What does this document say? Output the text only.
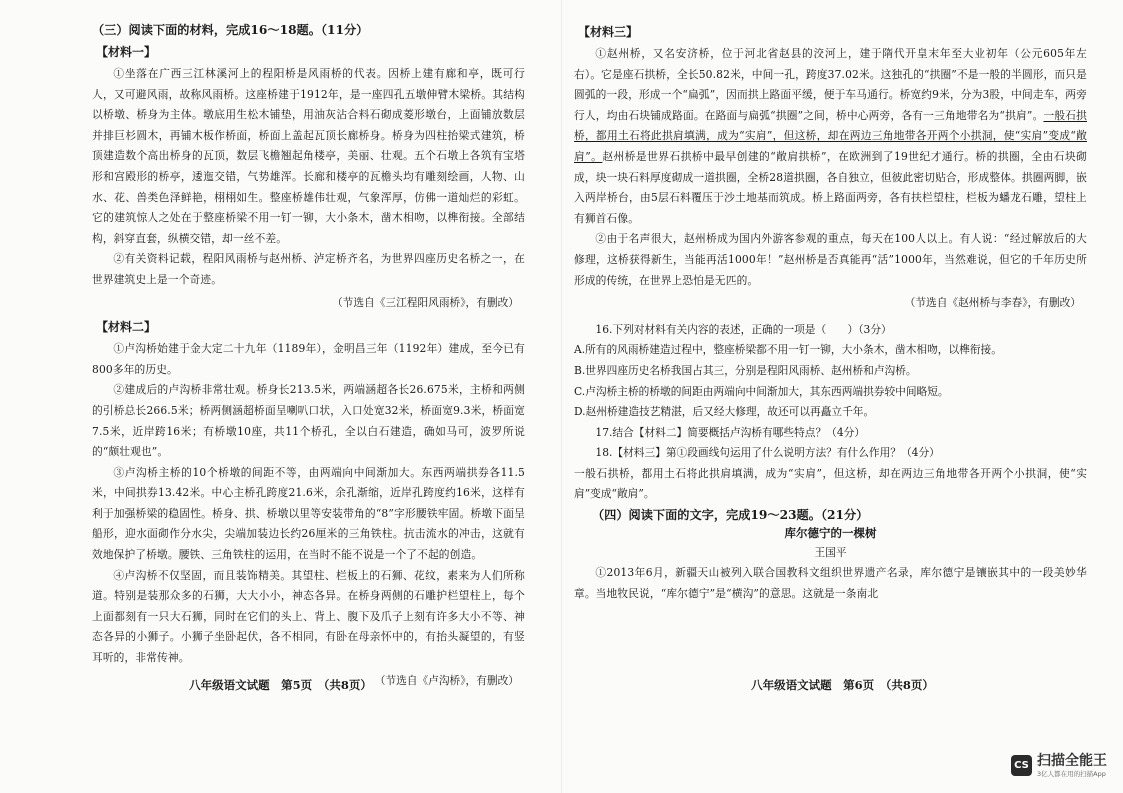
（三）阅读下面的材料，完成16～18题。（11分）

【材料一】

①坐落在广西三江林溪河上的程阳桥是风雨桥的代表。因桥上建有廊和亭，既可行人，又可避风雨，故称风雨桥。这座桥建于1912年，是一座四孔五墩伸臂木梁桥。其结构以桥墩、桥身为主体。墩底用生松木铺垫，用油灰沾合料石砌成菱形墩台，上面铺放数层并排巨杉圆木，再铺木板作桥面，桥面上盖起瓦顶长廊桥身。桥身为四柱抬梁式建筑，桥顶建造数个高出桥身的瓦顶，数层飞檐翘起角楼亭，美丽、壮观。五个石墩上各筑有宝塔形和宫殿形的桥亭，逶迤交错，气势雄浑。长廊和楼亭的瓦檐头均有雕刻绘画，人物、山水、花、兽类色泽鲜艳，栩栩如生。整座桥雄伟壮观，气象浑厚，仿佛一道灿烂的彩虹。它的建筑惊人之处在于整座桥梁不用一钉一铆，大小条木，凿木相吻，以榫衔接。全部结构，斜穿直套，纵横交错，却一丝不差。

②有关资料记载，程阳风雨桥与赵州桥、泸定桥齐名，为世界四座历史名桥之一，在世界建筑史上是一个奇迹。

（节选自《三江程阳风雨桥》，有删改）

【材料二】

①卢沟桥始建于金大定二十九年（1189年），金明昌三年（1192年）建成，至今已有800多年的历史。

②建成后的卢沟桥非常壮观。桥身长213.5米，两端涵超各长26.675米，主桥和两侧的引桥总长266.5米；桥两侧涵超桥面呈喇叭口状，入口处宽32米，桥面宽9.3米，桥面宽7.5米，近岸跨16米；有桥墩10座，共11个桥孔，全以白石建造，确如马可，波罗所说的“颇壮观也”。

③卢沟桥主桥的10个桥墩的间距不等，由两端向中间渐加大。东西两端拱券各11.5米，中间拱券13.42米。中心主桥孔跨度21.6米，余孔渐缩，近岸孔跨度约16米，这样有利于加强桥梁的稳固性。桥身、拱、桥墩以里等安装带角的“8”字形腰铁牢固。桥墩下面呈船形，迎水面砌作分水尖，尖端加装边长约26厘米的三角铁柱。抗击流水的冲击，这就有效地保护了桥墩。腰铁、三角铁柱的运用，在当时不能不说是一个了不起的创造。

④卢沟桥不仅坚固，而且装饰精美。其望柱、栏板上的石狮、花纹，素来为人们所称道。特别是装那众多的石狮，大大小小，神态各异。在桥身两侧的石雕护栏望柱上，每个上面都刻有一只大石狮，同时在它们的头上、背上、腹下及爪子上刻有许多大小不等、神态各异的小狮子。小狮子坐卧起伏，各不相同，有卧在母亲怀中的，有抬头凝望的，有竖耳听的，非常传神。

（节选自《卢沟桥》，有删改）

八年级语文试题　第5页　（共8页）

【材料三】

①赵州桥，又名安济桥，位于河北省赵县的洨河上，建于隋代开皇末年至大业初年（公元605年左右）。它是座石拱桥，全长50.82米，中间一孔，跨度37.02米。这独孔的“拱圈”不是一般的半圆形，而只是圆弧的一段，形成一个“扁弧”，因而拱上路面平缓，便于车马通行。桥宽约9米，分为3股，中间走车，两旁行人，均由石块铺成路面。在路面与扁弧“拱圈”之间，桥中心两旁，各有一三角地带名为“拱肩”。一般石拱桥，都用土石将此拱肩填满，成为“实肩”，但这桥，却在两边三角地带各开两个小拱洞，使“实肩”变成“敞肩”。赵州桥是世界石拱桥中最早创建的“敞肩拱桥”，在欧洲到了19世纪才通行。桥的拱圈，全由石块砌成，块一块石料厚度砌成一道拱圈，全桥28道拱圈，各自独立，但彼此密切贴合，形成整体。拱圈两脚，嵌入两岸桥台，由5层石料覆压于沙土地基而筑成。桥上路面两旁，各有扶栏望柱，栏板为蟠龙石雕，望柱上有狮首石像。

②由于名声很大，赵州桥成为国内外游客参观的重点，每天在100人以上。有人说：“经过解放后的大修理，这桥获得新生，当能再活1000年！”赵州桥是否真能再“活”1000年，当然难说，但它的千年历史所形成的传统，在世界上恐怕是无匹的。

（节选自《赵州桥与李春》，有删改）

16.下列对材料有关内容的表述，正确的一项是（　　）（3分）

A.所有的风雨桥建造过程中，整座桥梁都不用一钉一铆，大小条木，凿木相吻，以榫衔接。

B.世界四座历史名桥我国占其三，分别是程阳风雨桥、赵州桥和卢沟桥。

C.卢沟桥主桥的桥墩的间距由两端向中间渐加大，其东西两端拱券较中间略短。

D.赵州桥建造技艺精湛，后又经大修理，故还可以再矗立千年。

17.结合【材料二】简要概括卢沟桥有哪些特点？（4分）

18.【材料三】第①段画线句运用了什么说明方法？有什么作用？（4分）

一般石拱桥，都用土石将此拱肩填满，成为“实肩”，但这桥，却在两边三角地带各开两个小拱洞，使“实肩”变成“敞肩”。

（四）阅读下面的文字，完成19～23题。（21分）

库尔德宁的一棵树

王国平

①2013年6月，新疆天山被列入联合国教科文组织世界遗产名录，库尔德宁是镶嵌其中的一段美妙华章。当地牧民说，“库尔德宁”是“横沟”的意思。这就是一条南北

八年级语文试题　第6页　（共8页）
CS 扫描全能王
3亿人都在用的扫描App
